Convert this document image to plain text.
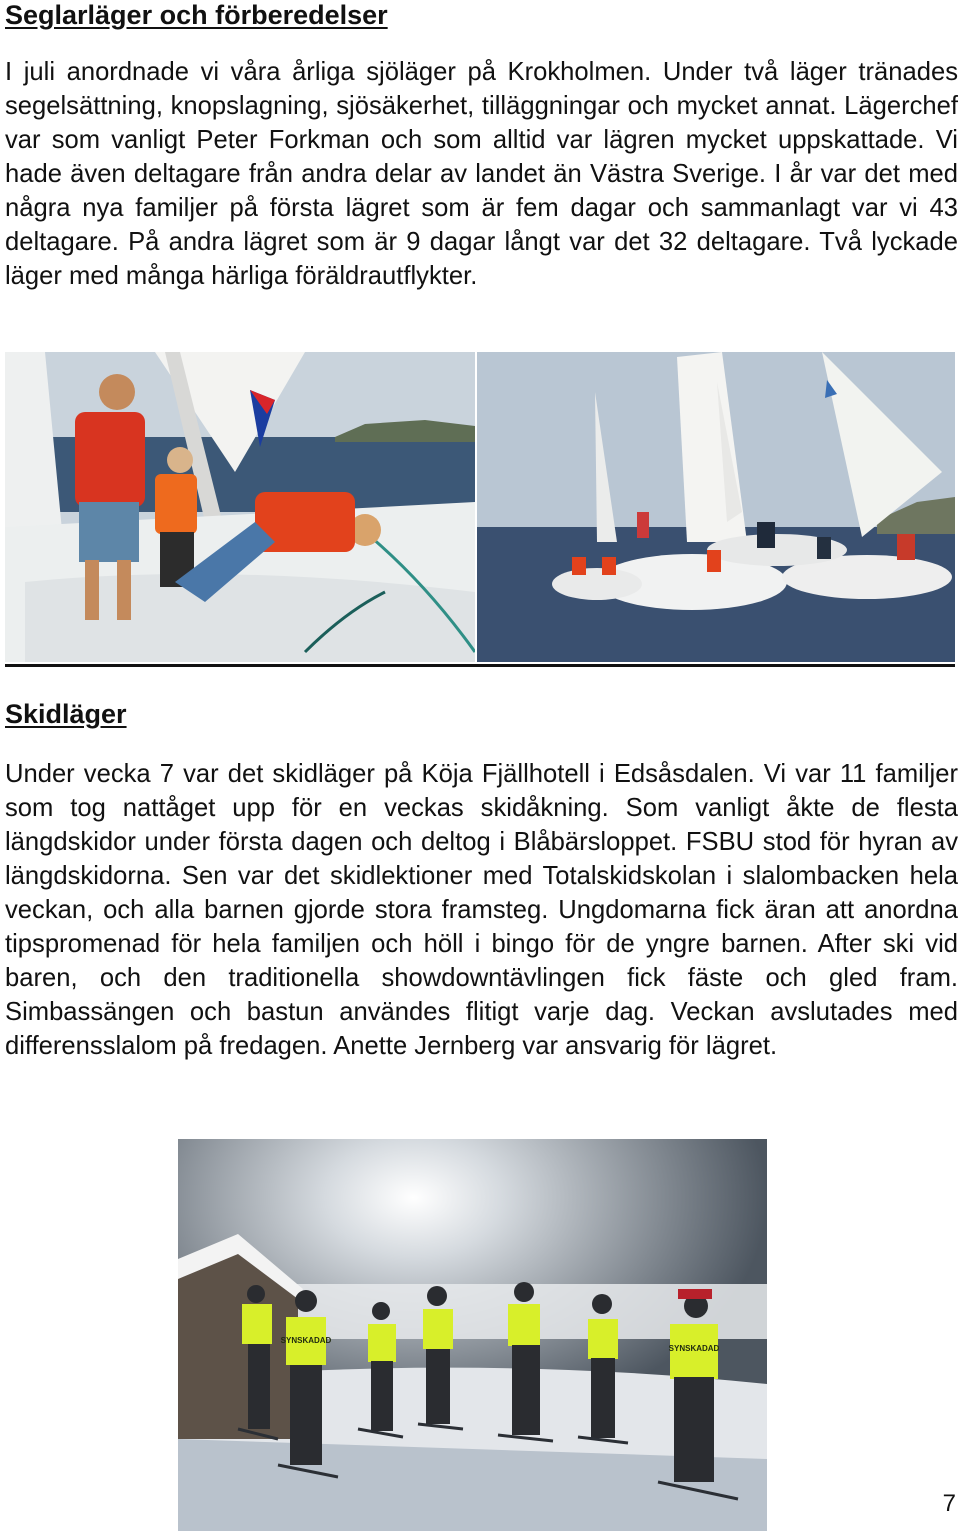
Seglarläger och förberedelser

I juli anordnade vi våra årliga sjöläger på Krokholmen. Under två läger tränades segelsättning, knopslagning, sjösäkerhet, tilläggningar och mycket annat. Lägerchef var som vanligt Peter Forkman och som alltid var lägren mycket uppskattade. Vi hade även deltagare från andra delar av landet än Västra Sverige. I år var det med några nya familjer på första lägret som är fem dagar och sammanlagt var vi 43 deltagare. På andra lägret som är 9 dagar långt var det 32 deltagare. Två lyckade läger med många härliga föräldrautflykter.

Skidläger

Under vecka 7 var det skidläger på Köja Fjällhotell i Edsåsdalen. Vi var 11 familjer som tog nattåget upp för en veckas skidåkning. Som vanligt åkte de flesta längdskidor under första dagen och deltog i Blåbärsloppet. FSBU stod för hyran av längdskidorna. Sen var det skidlektioner med Totalskidskolan i slalombacken hela veckan, och alla barnen gjorde stora framsteg. Ungdomarna fick äran att anordna tipspromenad för hela familjen och höll i bingo för de yngre barnen. After ski vid baren, och den traditionella showdowntävlingen fick fäste och gled fram. Simbassängen och bastun användes flitigt varje dag. Veckan avslutades med differensslalom på fredagen. Anette Jernberg var ansvarig för lägret.

SYNSKADAD
SYNSKADAD
7
